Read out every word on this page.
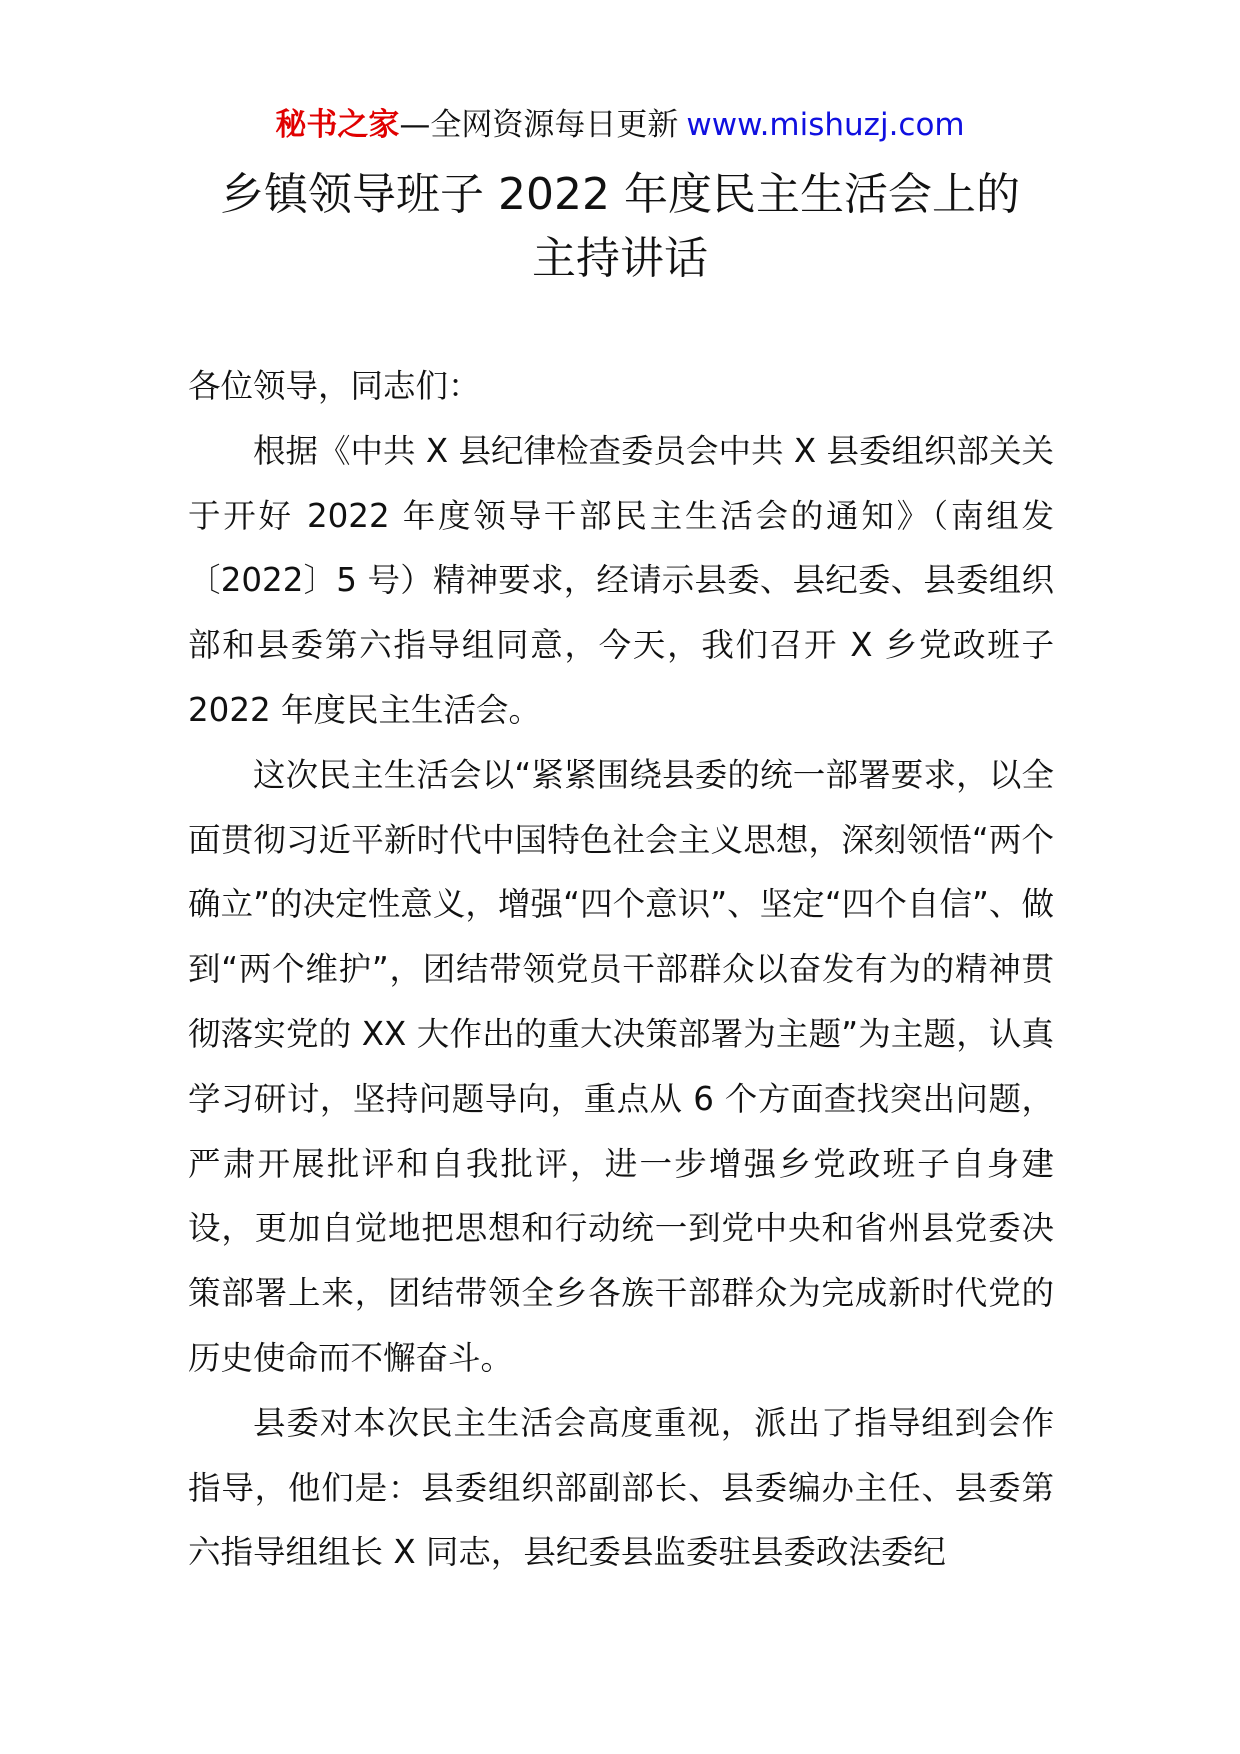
秘书之家—全网资源每日更新 www.mishuzj.com
乡镇领导班子 2022 年度民主生活会上的
主持讲话

各位领导，同志们：

根据《中共 X 县纪律检查委员会中共 X 县委组织部关关于开好 2022 年度领导干部民主生活会的通知》（南组发〔2022〕5 号）精神要求，经请示县委、县纪委、县委组织部和县委第六指导组同意，今天，我们召开 X 乡党政班子 2022 年度民主生活会。

这次民主生活会以“紧紧围绕县委的统一部署要求，以全面贯彻习近平新时代中国特色社会主义思想，深刻领悟“两个确立”的决定性意义，增强“四个意识”、坚定“四个自信”、做到“两个维护”，团结带领党员干部群众以奋发有为的精神贯彻落实党的 XX 大作出的重大决策部署为主题”为主题，认真学习研讨，坚持问题导向，重点从 6 个方面查找突出问题，严肃开展批评和自我批评，进一步增强乡党政班子自身建设，更加自觉地把思想和行动统一到党中央和省州县党委决策部署上来，团结带领全乡各族干部群众为完成新时代党的历史使命而不懈奋斗。

县委对本次民主生活会高度重视，派出了指导组到会作指导，他们是：县委组织部副部长、县委编办主任、县委第六指导组组长 X 同志，县纪委县监委驻县委政法委纪
